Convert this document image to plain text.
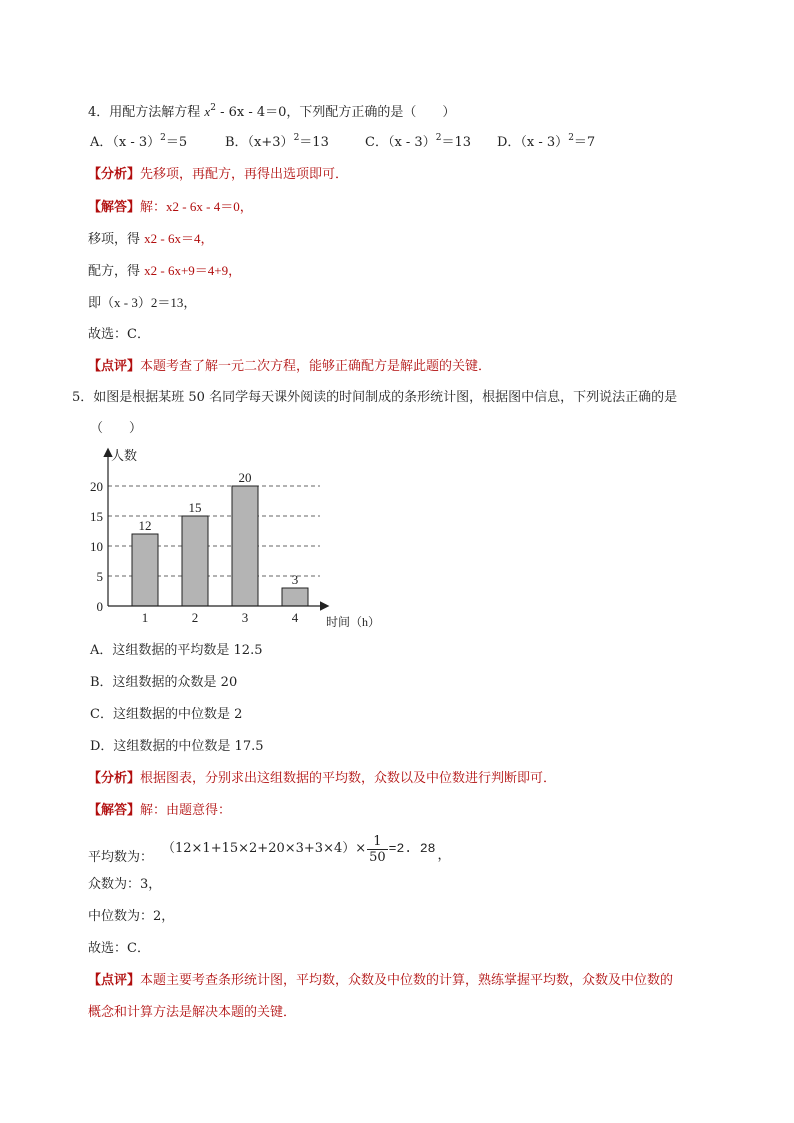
4．用配方法解方程 $x^2 - 6x - 4=0$，下列配方正确的是（　　）
A．（x - 3）$^2$＝5	B．$(x+3)^2=13$	C．（x - 3）$^2$＝13 D．（x - 3）$^2$＝7
【分析】先移项，再配方，再得出选项即可．
【解答】解：x2 - 6x - 4＝0，
移项，得 x2 - 6x＝4，
配方，得 x2 - 6x+9＝4+9，
即（x - 3）2＝13，
故选：C．
【点评】本题考查了解一元二次方程，能够正确配方是解此题的关键．
5．如图是根据某班 50 名同学每天课外阅读的时间制成的条形统计图，根据图中信息，下列说法正确的是
（　　）
0
5
10
15
20
12
1
15
2
20
3
3
4
人数
时间（h）
A．这组数据的平均数是 12.5
B．这组数据的众数是 20
C．这组数据的中位数是 2
D．这组数据的中位数是 17.5
【分析】根据图表，分别求出这组数据的平均数，众数以及中位数进行判断即可．
【解答】解：由题意得：
平均数为：
$(12\times 1+15\times 2+20\times 3+3\times 4)\times \frac{1}{50} =2$. 28 ，
众数为：3，
中位数为：2，
故选：C．
【点评】本题主要考查条形统计图，平均数，众数及中位数的计算，熟练掌握平均数，众数及中位数的
概念和计算方法是解决本题的关键．
